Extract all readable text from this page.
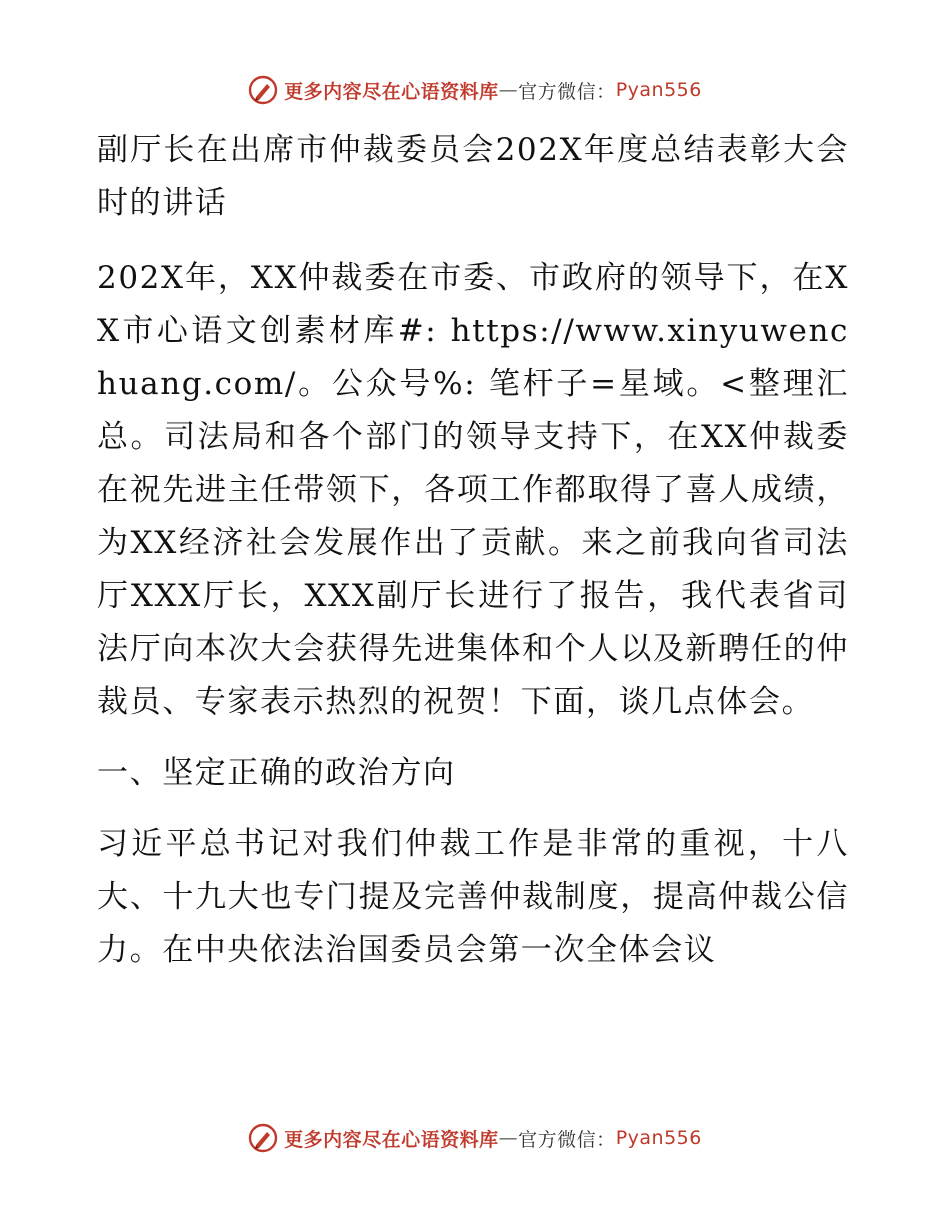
更多内容尽在心语资料库 — 官方微信： Pyan556

副厅长在出席市仲裁委员会202X年度总结表彰大会时的讲话

202X年，XX仲裁委在市委、市政府的领导下，在XX市心语文创素材库#: https://www.xinyuwenchuang.com/。公众号%: 笔杆子=星域。<整理汇总。司法局和各个部门的领导支持下，在XX仲裁委在祝先进主任带领下，各项工作都取得了喜人成绩，为XX经济社会发展作出了贡献。来之前我向省司法厅XXX厅长，XXX副厅长进行了报告，我代表省司法厅向本次大会获得先进集体和个人以及新聘任的仲裁员、专家表示热烈的祝贺！下面，谈几点体会。

一、坚定正确的政治方向

习近平总书记对我们仲裁工作是非常的重视，十八大、十九大也专门提及完善仲裁制度，提高仲裁公信力。在中央依法治国委员会第一次全体会议

更多内容尽在心语资料库 — 官方微信： Pyan556
